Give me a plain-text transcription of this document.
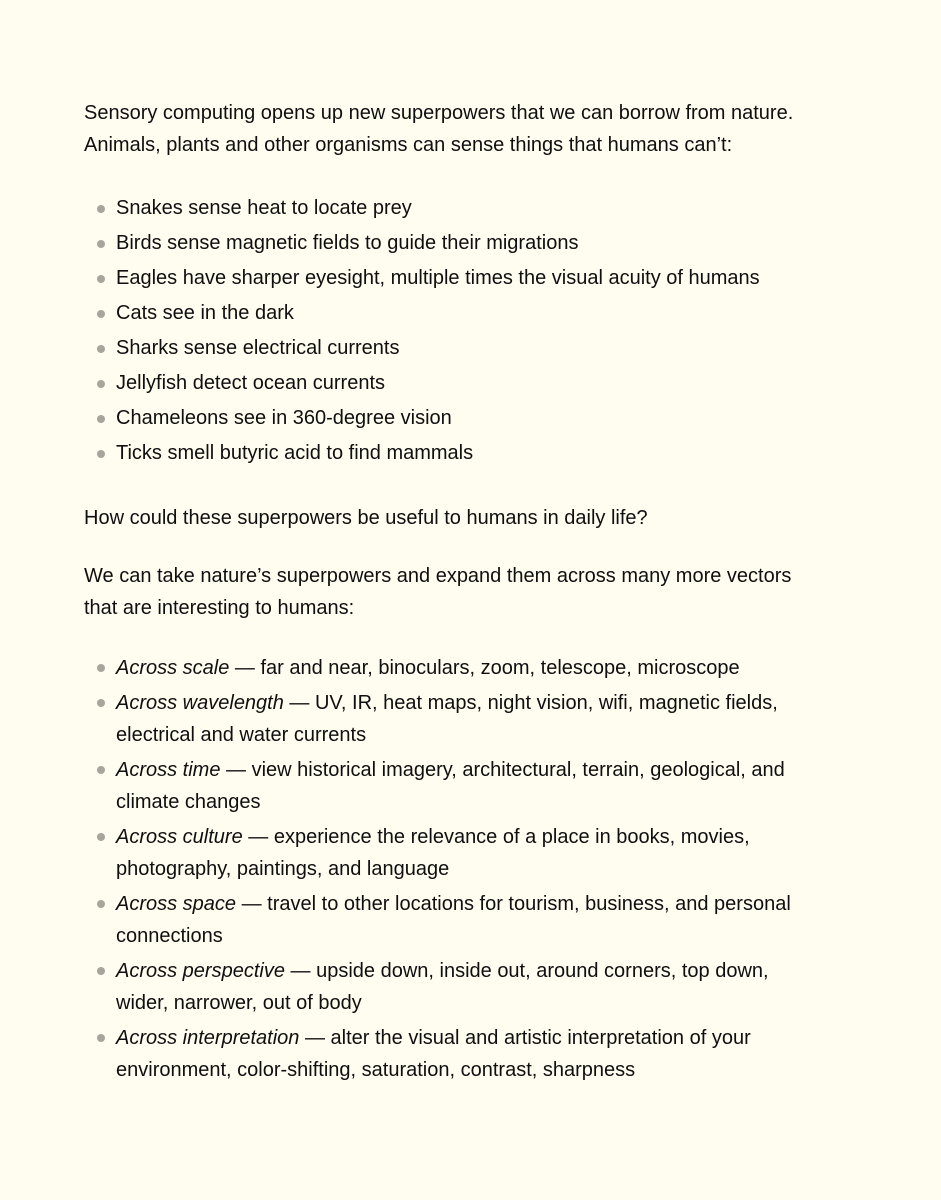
Sensory computing opens up new superpowers that we can borrow from nature.
Animals, plants and other organisms can sense things that humans can’t:

Snakes sense heat to locate prey
Birds sense magnetic fields to guide their migrations
Eagles have sharper eyesight, multiple times the visual acuity of humans
Cats see in the dark
Sharks sense electrical currents
Jellyfish detect ocean currents
Chameleons see in 360-degree vision
Ticks smell butyric acid to find mammals

How could these superpowers be useful to humans in daily life?

We can take nature’s superpowers and expand them across many more vectors
that are interesting to humans:

Across scale — far and near, binoculars, zoom, telescope, microscope
Across wavelength — UV, IR, heat maps, night vision, wifi, magnetic fields,
electrical and water currents
Across time — view historical imagery, architectural, terrain, geological, and
climate changes
Across culture — experience the relevance of a place in books, movies,
photography, paintings, and language
Across space — travel to other locations for tourism, business, and personal
connections
Across perspective — upside down, inside out, around corners, top down,
wider, narrower, out of body
Across interpretation — alter the visual and artistic interpretation of your
environment, color-shifting, saturation, contrast, sharpness
